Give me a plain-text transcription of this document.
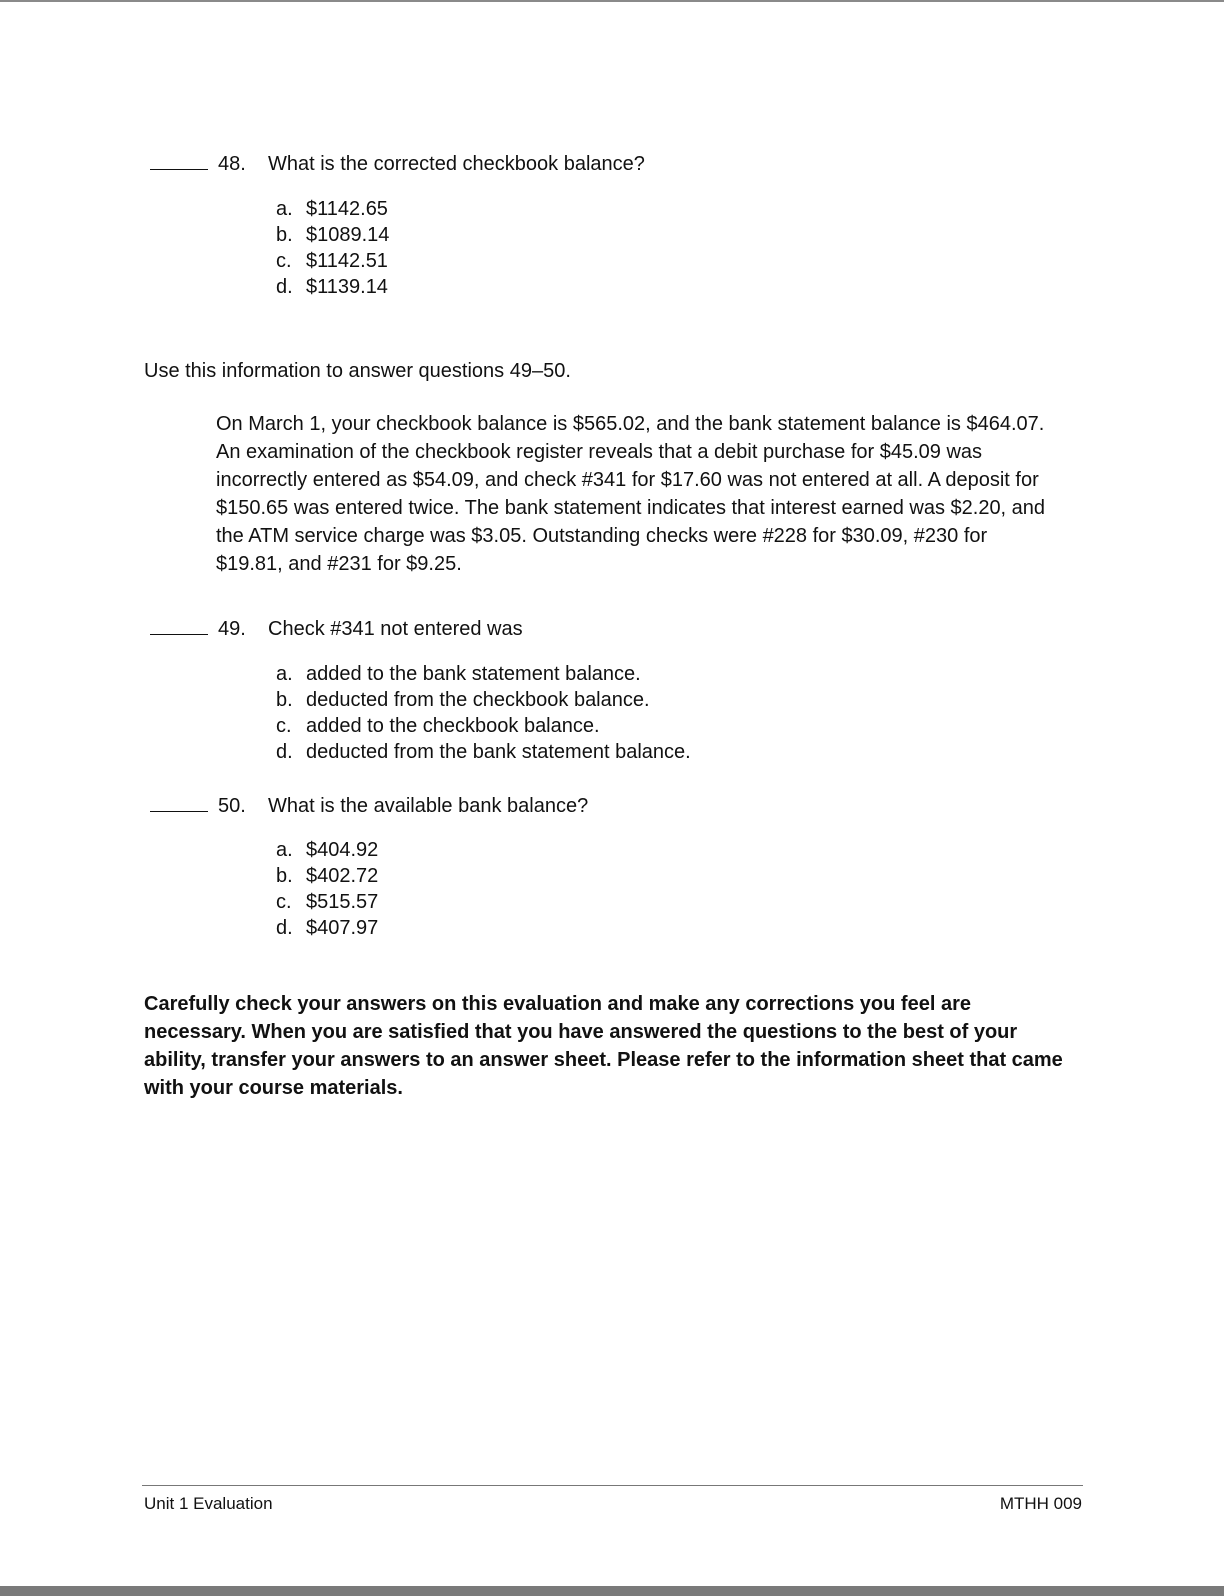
48. What is the corrected checkbook balance?
a. $1142.65
b. $1089.14
c. $1142.51
d. $1139.14
Use this information to answer questions 49–50.
On March 1, your checkbook balance is $565.02, and the bank statement balance is $464.07. An examination of the checkbook register reveals that a debit purchase for $45.09 was incorrectly entered as $54.09, and check #341 for $17.60 was not entered at all. A deposit for $150.65 was entered twice. The bank statement indicates that interest earned was $2.20, and the ATM service charge was $3.05. Outstanding checks were #228 for $30.09, #230 for $19.81, and #231 for $9.25.
49. Check #341 not entered was
a. added to the bank statement balance.
b. deducted from the checkbook balance.
c. added to the checkbook balance.
d. deducted from the bank statement balance.
50. What is the available bank balance?
a. $404.92
b. $402.72
c. $515.57
d. $407.97
Carefully check your answers on this evaluation and make any corrections you feel are necessary. When you are satisfied that you have answered the questions to the best of your ability, transfer your answers to an answer sheet. Please refer to the information sheet that came with your course materials.
Unit 1 Evaluation	MTHH 009
